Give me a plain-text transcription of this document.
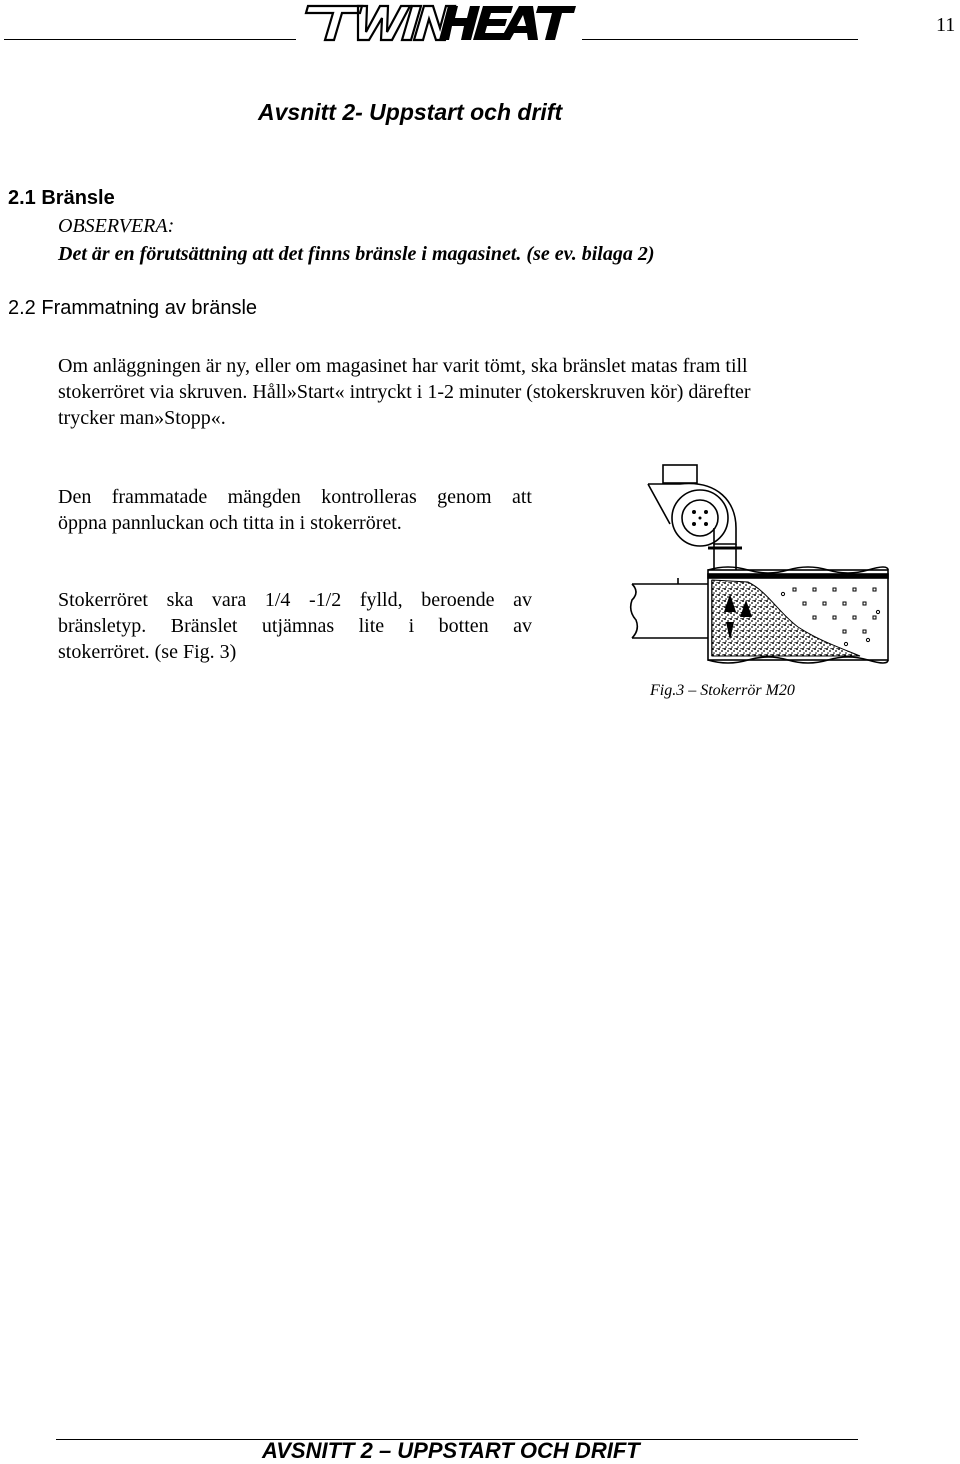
11
Avsnitt 2- Uppstart och drift
2.1 Bränsle
OBSERVERA:
Det är en förutsättning att det finns bränsle i magasinet. (se ev. bilaga 2)
2.2 Frammatning av bränsle
Om anläggningen är ny, eller om magasinet har varit tömt, ska bränslet matas fram till
stokerröret via skruven. Håll»Start« intryckt i 1-2 minuter (stokerskruven kör) därefter
trycker man»Stopp«.
Den frammatade mängden kontrolleras genom att
öppna pannluckan och titta in i stokerröret.
Stokerröret ska vara 1/4 -1/2 fylld, beroende av
bränsletyp. Bränslet utjämnas lite i botten av
stokerröret. (se Fig. 3)
Fig.3 – Stokerrör M20
AVSNITT 2 – UPPSTART OCH DRIFT
